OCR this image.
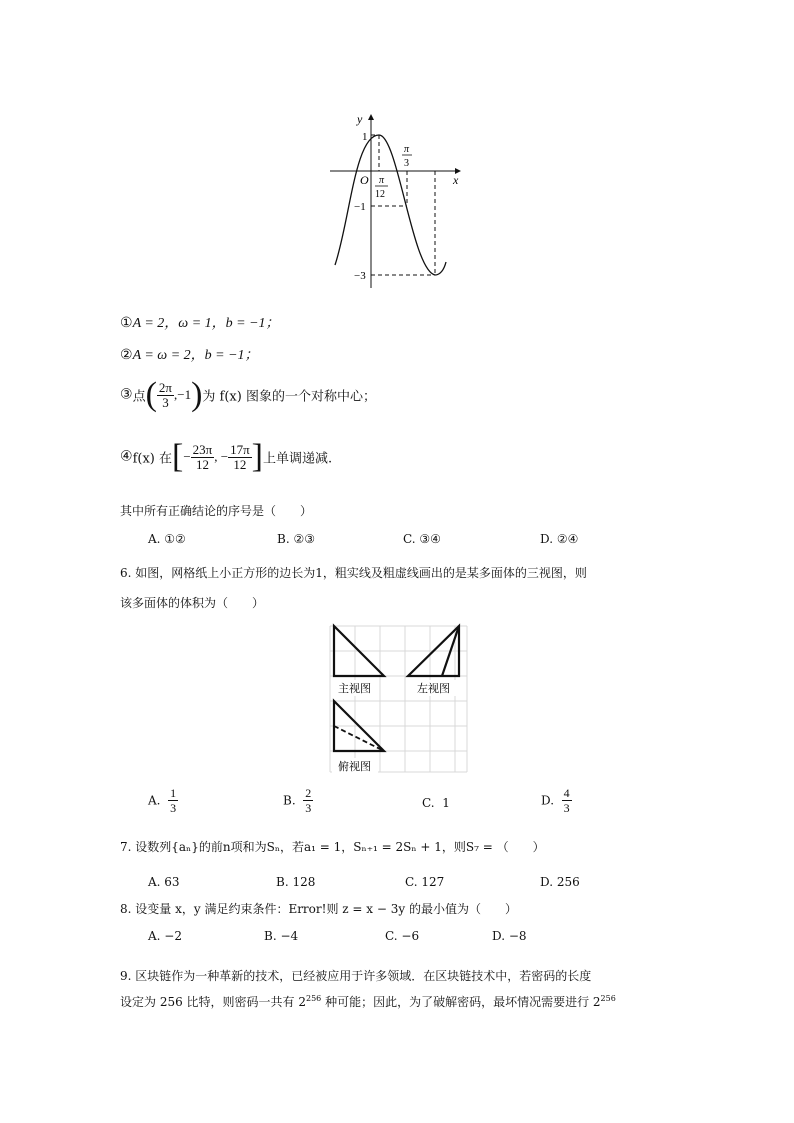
y
x
O
1
−1
−3
π
12
π
3
①A = 2，ω = 1，b = −1；
②A = ω = 2，b = −1；
③点( $\frac{2\pi}{3} ,-1$)为 f(x) 图象的一个对称中心；
④f(x) 在[− $\frac{23\pi}{12}$ , − $\frac{17\pi}{12}$ ]上单调递减.
其中所有正确结论的序号是（　　）
A. ①②	B. ②③	C. ③④	D. ②④
6. 如图，网格纸上小正方形的边长为1，粗实线及粗虚线画出的是某多面体的三视图，则
该多面体的体积为（　　）
主视图	左视图
俯视图
A. $\frac{1}{3}$	B. $\frac{2}{3}$	C. 1	D. $\frac{4}{3}$
7. 设数列{aₙ}的前n项和为Sₙ，若a₁ = 1，Sₙ₊₁ = 2Sₙ + 1，则S₇ = （　　）
A. 63	B. 128	C. 127	D. 256
8. 设变量 x，y 满足约束条件：Error!则 z = x − 3y 的最小值为（　　）
A. −2	B. −4	C. −6	D. −8
9. 区块链作为一种革新的技术，已经被应用于许多领域．在区块链技术中，若密码的长度
设定为 256 比特，则密码一共有 $2^{256}$ 种可能；因此，为了破解密码，最坏情况需要进行 $2^{256}$
